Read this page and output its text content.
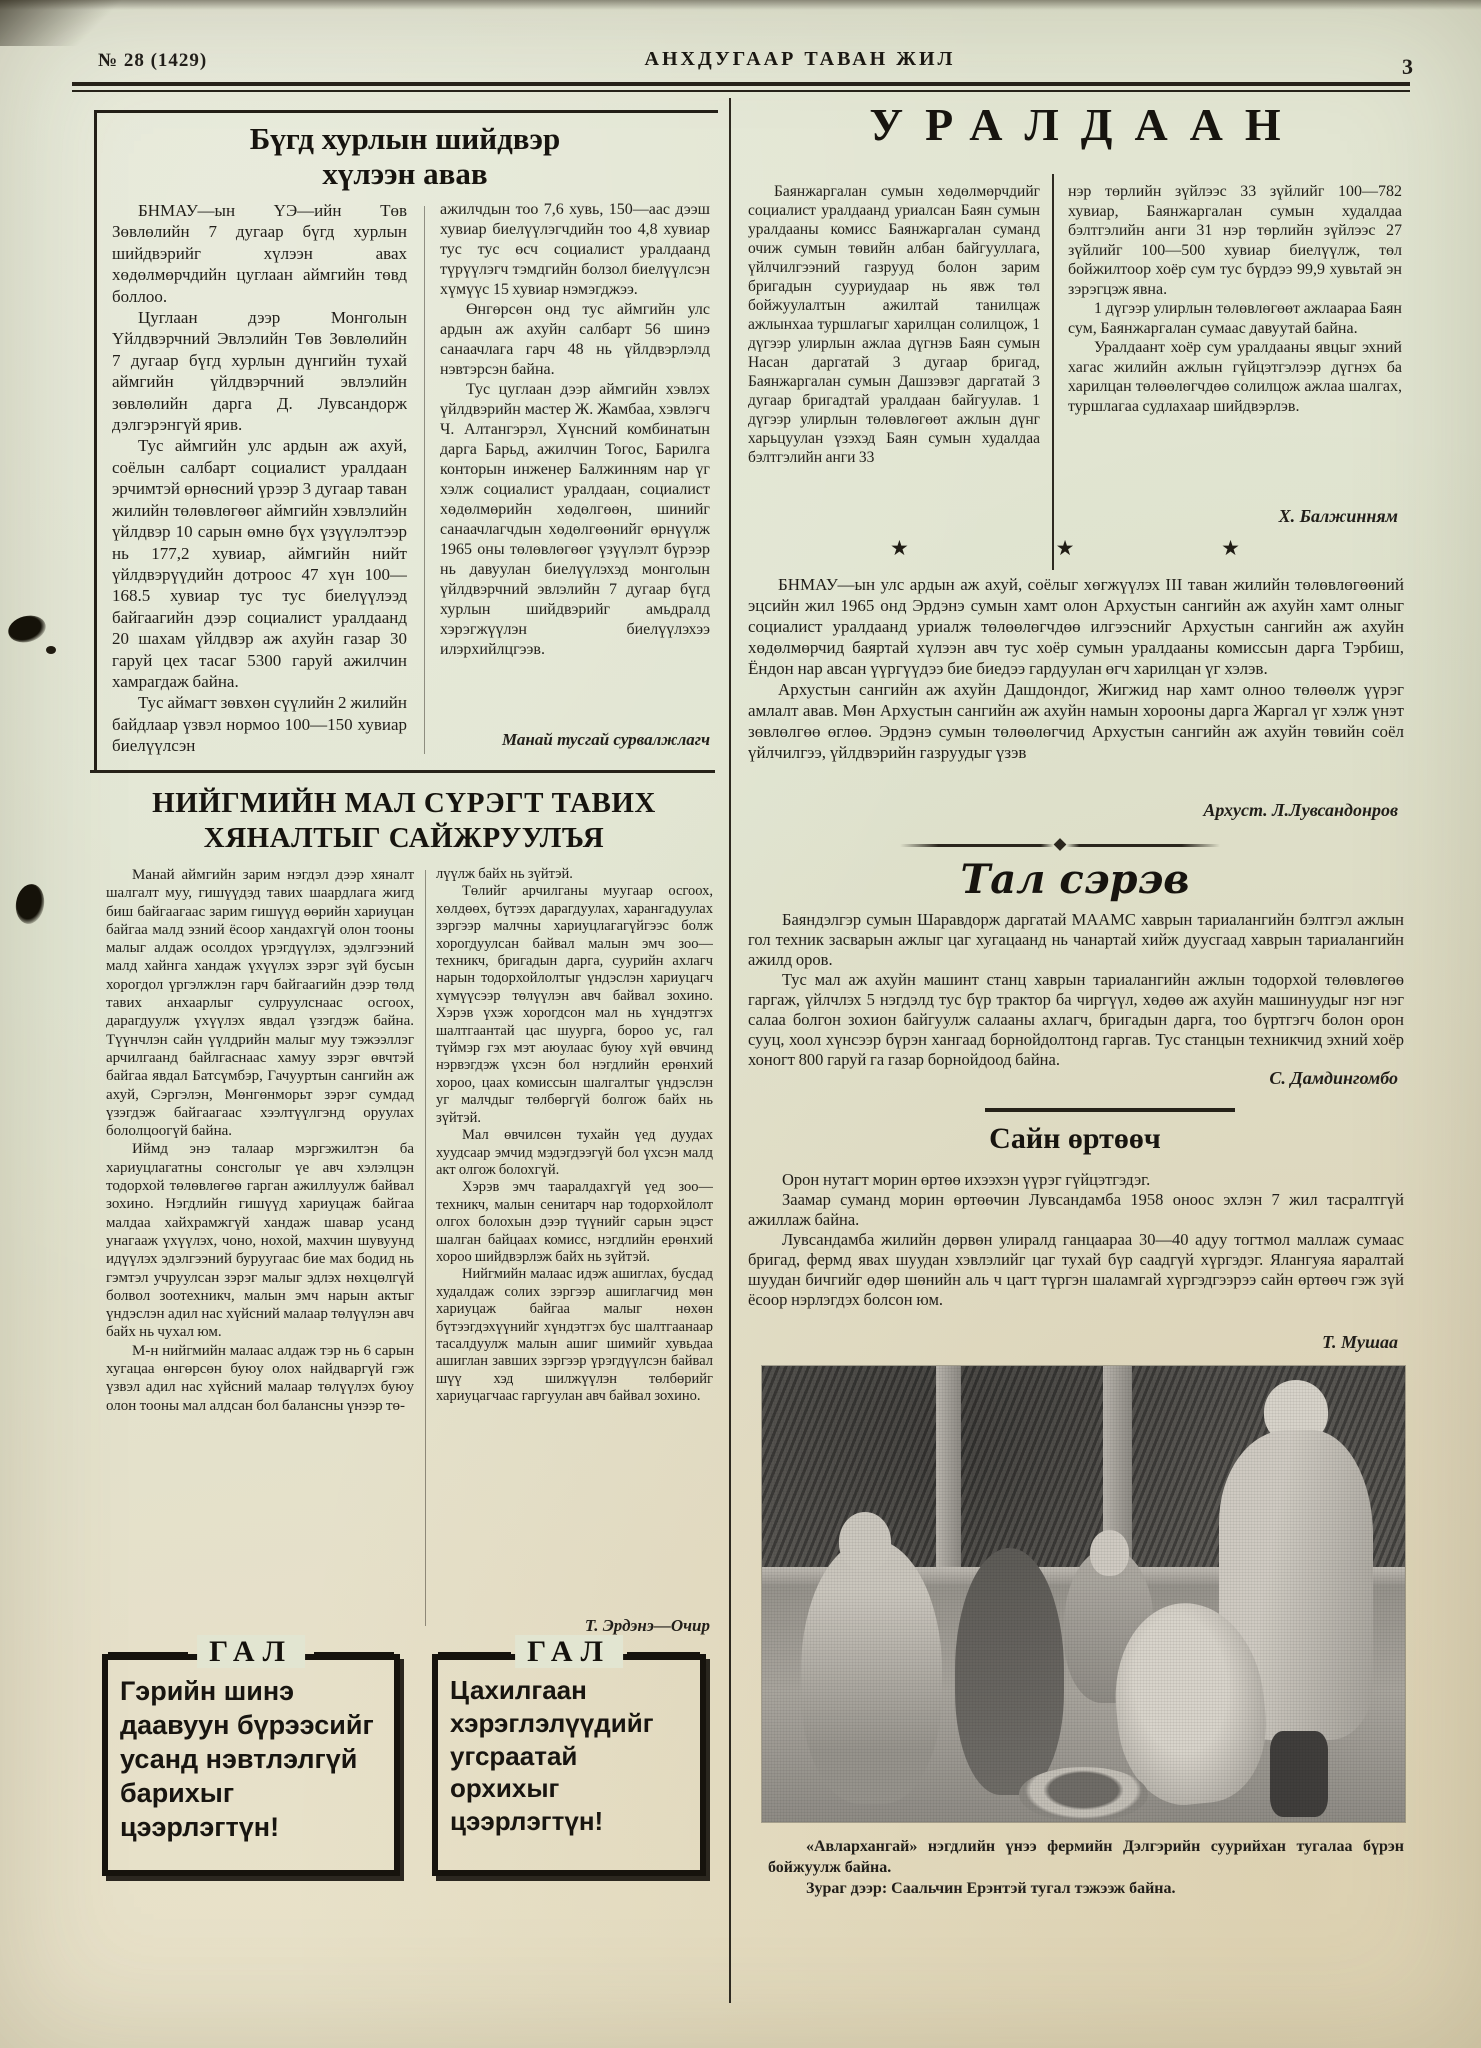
№ 28 (1429)	АНХДУГААР ТАВАН ЖИЛ	3
Бүгд хурлын шийдвэр
хүлээн авав

БНМАУ—ын ҮЭ—ийн Төв Зөвлөлийн 7 дугаар бүгд хурлын шийдвэрийг хүлээн авах хөдөлмөрчдийн цуглаан аймгийн төвд боллоо.

Цуглаан дээр Монголын Үйлдвэрчний Эвлэлийн Төв Зөвлөлийн 7 дугаар бүгд хурлын дүнгийн тухай аймгийн үйлдвэрчний эвлэлийн зөвлөлийн дарга Д. Лувсандорж дэлгэрэнгүй ярив.

Тус аймгийн улс ардын аж ахуй, соёлын салбарт социалист уралдаан эрчимтэй өрнөсний үрээр 3 дугаар таван жилийн төлөвлөгөөг аймгийн хэвлэлийн үйлдвэр 10 сарын өмнө бүх үзүүлэлтээр нь 177,2 хувиар, аймгийн нийт үйлдвэрүүдийн дотроос 47 хүн 100—168.5 хувиар тус тус биелүүлээд байгаагийн дээр социалист уралдаанд 20 шахам үйлдвэр аж ахуйн газар 30 гаруй цех тасаг 5300 гаруй ажилчин хамрагдаж байна.

Тус аймагт зөвхөн сүүлийн 2 жилийн байдлаар үзвэл нормоо 100—150 хувиар биелүүлсэн

ажилчдын тоо 7,6 хувь, 150—аас дээш хувиар биелүүлэгчдийн тоо 4,8 хувиар тус тус өсч социалист уралдаанд түрүүлэгч тэмдгийн болзол биелүүлсэн хүмүүс 15 хувиар нэмэгджээ.

Өнгөрсөн онд тус аймгийн улс ардын аж ахуйн салбарт 56 шинэ санаачлага гарч 48 нь үйлдвэрлэлд нэвтэрсэн байна.

Тус цуглаан дээр аймгийн хэвлэх үйлдвэрийн мастер Ж. Жамбаа, хэвлэгч Ч. Алтангэрэл, Хүнсний комбинатын дарга Барьд, ажилчин Тогос, Барилга конторын инженер Балжинням нар үг хэлж социалист уралдаан, социалист хөдөлмөрийн хөдөлгөөн, шинийг санаачлагчдын хөдөлгөөнийг өрнүүлж 1965 оны төлөвлөгөөг үзүүлэлт бүрээр нь давуулан биелүүлэхэд монголын үйлдвэрчний эвлэлийн 7 дугаар бүгд хурлын шийдвэрийг амьдралд хэрэгжүүлэн биелүүлэхээ илэрхийлцгээв.

Манай тусгай сурвалжлагч
НИЙГМИЙН МАЛ СҮРЭГТ ТАВИХ
ХЯНАЛТЫГ САЙЖРУУЛЪЯ

Манай аймгийн зарим нэгдэл дээр хяналт шалгалт муу, гишүүдэд тавих шаардлага жигд биш байгаагаас зарим гишүүд өөрийн хариуцан байгаа малд эзний ёсоор хандахгүй олон тооны малыг алдаж осолдох үрэгдүүлэх, эдэлгээний малд хайнга хандаж үхүүлэх зэрэг зүй бусын хорогдол үргэлжлэн гарч байгаагийн дээр төлд тавих анхаарлыг сулруулснаас осгоох, дарагдуулж үхүүлэх явдал үзэгдэж байна. Түүнчлэн сайн үүлдрийн малыг муу тэжээллэг арчилгаанд байлгаснаас хамуу зэрэг өвчтэй байгаа явдал Батсүмбэр, Гачууртын сангийн аж ахуй, Сэргэлэн, Мөнгөнморьт зэрэг сумдад үзэгдэж байгаагаас хээлтүүлгэнд оруулах бололцоогүй байна.

Иймд энэ талаар мэргэжилтэн ба хариуцлагатны сонсголыг үе авч хэлэлцэн тодорхой төлөвлөгөө гарган ажиллуулж байвал зохино. Нэгдлийн гишүүд хариуцаж байгаа малдаа хайхрамжгүй хандаж шавар усанд унагааж үхүүлэх, чоно, нохой, махчин шувуунд идүүлэх эдэлгээний буруугаас бие мах бодид нь гэмтэл учруулсан зэрэг малыг эдлэх нөхцөлгүй болвол зоотехникч, малын эмч нарын актыг үндэслэн адил нас хүйсний малаар төлүүлэн авч байх нь чухал юм.

М-н нийгмийн малаас алдаж тэр нь 6 сарын хугацаа өнгөрсөн буюу олох найдваргүй гэж үзвэл адил нас хүйсний малаар төлүүлэх буюу олон тооны мал алдсан бол балансны үнээр тө-

лүүлж байх нь зүйтэй.

Төлийг арчилганы муугаар осгоох, хөлдөөх, бүтээх дарагдуулах, харангадуулах зэргээр малчны хариуцлагагүйгээс болж хорогдуулсан байвал малын эмч зоо—техникч, бригадын дарга, суурийн ахлагч нарын тодорхойлолтыг үндэслэн хариуцагч хүмүүсээр төлүүлэн авч байвал зохино. Хэрэв үхэж хорогдсон мал нь хүндэтгэх шалтгаантай цас шуурга, бороо ус, гал түймэр гэх мэт аюулаас буюу хүй өвчинд нэрвэгдэж үхсэн бол нэгдлийн ерөнхий хороо, цаах комиссын шалгалтыг үндэслэн уг малчдыг төлбөргүй болгож байх нь зүйтэй.

Мал өвчилсөн тухайн үед дуудах хуудсаар эмчид мэдэгдээгүй бол үхсэн малд акт олгож болохгүй.

Хэрэв эмч тааралдахгүй үед зоо—техникч, малын сенитарч нар тодорхойлолт олгох болохын дээр түүнийг сарын эцэст шалган байцаах комисс, нэгдлийн ерөнхий хороо шийдвэрлэж байх нь зүйтэй.

Нийгмийн малаас идэж ашиглах, бусдад худалдаж солих зэргээр ашиглагчид мөн хариуцаж байгаа малыг нөхөн бүтээгдэхүүнийг хүндэтгэх бус шалтгаанаар тасалдуулж малын ашиг шимийг хувьдаа ашиглан завших зэргээр үрэгдүүлсэн байвал шүү хэд шилжүүлэн төлбөрийг хариуцагчаас гаргуулан авч байвал зохино.

Т. Эрдэнэ—Очир
ГАЛ
Гэрийн шинэ даавуун бүрээсийг усанд нэвтлэлгүй барихыг цээрлэгтүн!
ГАЛ
Цахилгаан хэрэглэлүүдийг угсраатай орхихыг цээрлэгтүн!
УРАЛДААН

Баянжаргалан сумын хөдөлмөрчдийг социалист уралдаанд уриалсан Баян сумын уралдааны комисс Баянжаргалан суманд очиж сумын төвийн албан байгууллага, үйлчилгээний газрууд болон зарим бригадын сууриудаар нь явж төл бойжуулалтын ажилтай танилцаж ажлынхаа туршлагыг харилцан солилцож, 1 дүгээр улирлын ажлаа дүгнэв Баян сумын Насан даргатай 3 дугаар бригад, Баянжаргалан сумын Дашзэвэг даргатай 3 дугаар бригадтай уралдаан байгуулав. 1 дүгээр улирлын төлөвлөгөөт ажлын дүнг харьцуулан үзэхэд Баян сумын худалдаа бэлтгэлийн анги 33

нэр төрлийн зүйлээс 33 зүйлийг 100—782 хувиар, Баянжаргалан сумын худалдаа бэлтгэлийн анги 31 нэр төрлийн зүйлээс 27 зүйлийг 100—500 хувиар биелүүлж, төл бойжилтоор хоёр сум тус бүрдээ 99,9 хувьтай эн зэрэгцэж явна.

1 дүгээр улирлын төлөвлөгөөт ажлаараа Баян сум, Баянжаргалан сумаас давуутай байна.

Уралдаант хоёр сум уралдааны явцыг эхний хагас жилийн ажлын гүйцэтгэлээр дүгнэх ба харилцан төлөөлөгчдөө солилцож ажлаа шалгах, туршлагаа судлахаар шийдвэрлэв.

Х. Балжинням
★	★	★

БНМАУ—ын улс ардын аж ахуй, соёлыг хөгжүүлэх III таван жилийн төлөвлөгөөний эцсийн жил 1965 онд Эрдэнэ сумын хамт олон Архустын сангийн аж ахуйн хамт олныг социалист уралдаанд уриалж төлөөлөгчдөө илгээснийг Архустын сангийн аж ахуйн хөдөлмөрчид баяртай хүлээн авч тус хоёр сумын уралдааны комиссын дарга Тэрбиш, Ёндон нар авсан үүргүүдээ бие биедээ гардуулан өгч харилцан үг хэлэв.

Архустын сангийн аж ахуйн Дашдондог, Жигжид нар хамт олноо төлөөлж үүрэг амлалт авав. Мөн Архустын сангийн аж ахуйн намын хорооны дарга Жаргал үг хэлж үнэт зөвлөлгөө өглөө. Эрдэнэ сумын төлөөлөгчид Архустын сангийн аж ахуйн төвийн соёл үйлчилгээ, үйлдвэрийн газруудыг үзэв

Архуст. Л.Лувсандонров
Тал сэрэв

Баяндэлгэр сумын Шаравдорж даргатай МААМС хаврын тариалангийн бэлтгэл ажлын гол техник засварын ажлыг цаг хугацаанд нь чанартай хийж дуусгаад хаврын тариалангийн ажилд оров.

Тус мал аж ахуйн машинт станц хаврын тариалангийн ажлын тодорхой төлөвлөгөө гаргаж, үйлчлэх 5 нэгдэлд тус бүр трактор ба чиргүүл, хөдөө аж ахуйн машинуудыг нэг нэг салаа болгон зохион байгуулж салааны ахлагч, бригадын дарга, тоо бүртгэгч болон орон сууц, хоол хүнсээр бүрэн хангаад борнойдолтонд гаргав. Тус станцын техникчид эхний хоёр хоногт 800 гаруй га газар борнойдоод байна.

С. Дамдингомбо
Сайн өртөөч

Орон нутагт морин өртөө ихээхэн үүрэг гүйцэтгэдэг.

Заамар суманд морин өртөөчин Лувсандамба 1958 оноос эхлэн 7 жил тасралтгүй ажиллаж байна.

Лувсандамба жилийн дөрвөн улиралд ганцаараа 30—40 адуу тогтмол маллаж сумаас бригад, фермд явах шуудан хэвлэлийг цаг тухай бүр саадгүй хүргэдэг. Ялангуяа яаралтай шуудан бичгийг өдөр шөнийн аль ч цагт түргэн шаламгай хүргэдгээрээ сайн өртөөч гэж зүй ёсоор нэрлэгдэх болсон юм.

Т. Мушаа

«Авлархангай» нэгдлийн үнээ фермийн Дэлгэрийн суурийхан тугалаа бүрэн бойжуулж байна.

Зураг дээр: Саальчин Ерэнтэй тугал тэжээж байна.
